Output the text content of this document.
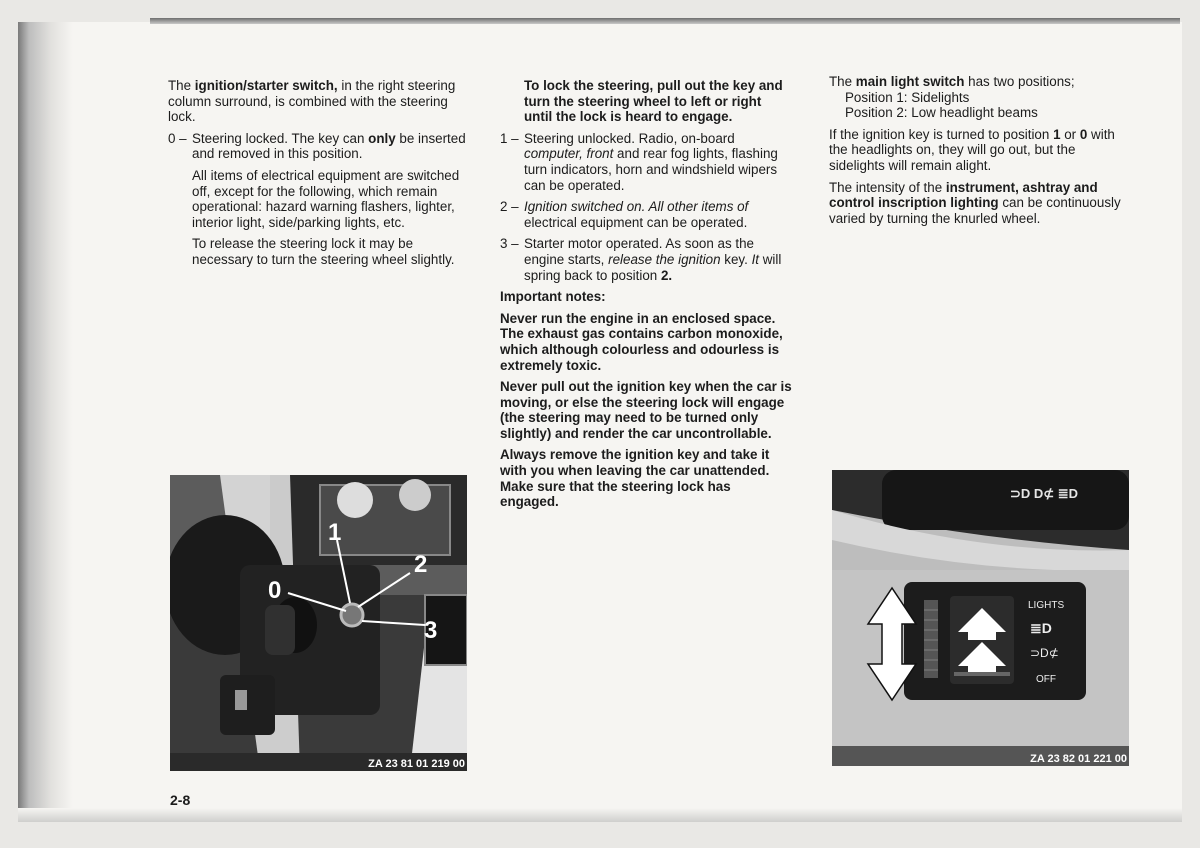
The ignition/starter switch, in the right steering column surround, is combined with the steering lock.

0 – Steering locked. The key can only be inserted and removed in this position.

All items of electrical equipment are switched off, except for the following, which remain operational: hazard warning flashers, lighter, interior light, side/parking lights, etc.

To release the steering lock it may be necessary to turn the steering wheel slightly.

To lock the steering, pull out the key and turn the steering wheel to left or right until the lock is heard to engage.

1 – Steering unlocked. Radio, on-board computer, front and rear fog lights, flashing turn indicators, horn and windshield wipers can be operated.
2 – Ignition switched on. All other items of electrical equipment can be operated.
3 – Starter motor operated. As soon as the engine starts, release the ignition key. It will spring back to position 2.

Important notes:

Never run the engine in an enclosed space. The exhaust gas contains carbon monoxide, which although colourless and odourless is extremely toxic.

Never pull out the ignition key when the car is moving, or else the steering lock will engage (the steering may need to be turned only slightly) and render the car uncontrollable.

Always remove the ignition key and take it with you when leaving the car unattended. Make sure that the steering lock has engaged.

The main light switch has two positions;
Position 1: Sidelights
Position 2: Low headlight beams

If the ignition key is turned to position 1 or 0 with the headlights on, they will go out, but the sidelights will remain alight.

The intensity of the instrument, ashtray and control inscription lighting can be continuously varied by turning the knurled wheel.

0
1
2
3
ZA 23 81 01 219 00
⊃D D⊄ ≣D
LIGHTS
≣D
⊃D⊄
OFF
ZA 23 82 01 221 00
2-8
